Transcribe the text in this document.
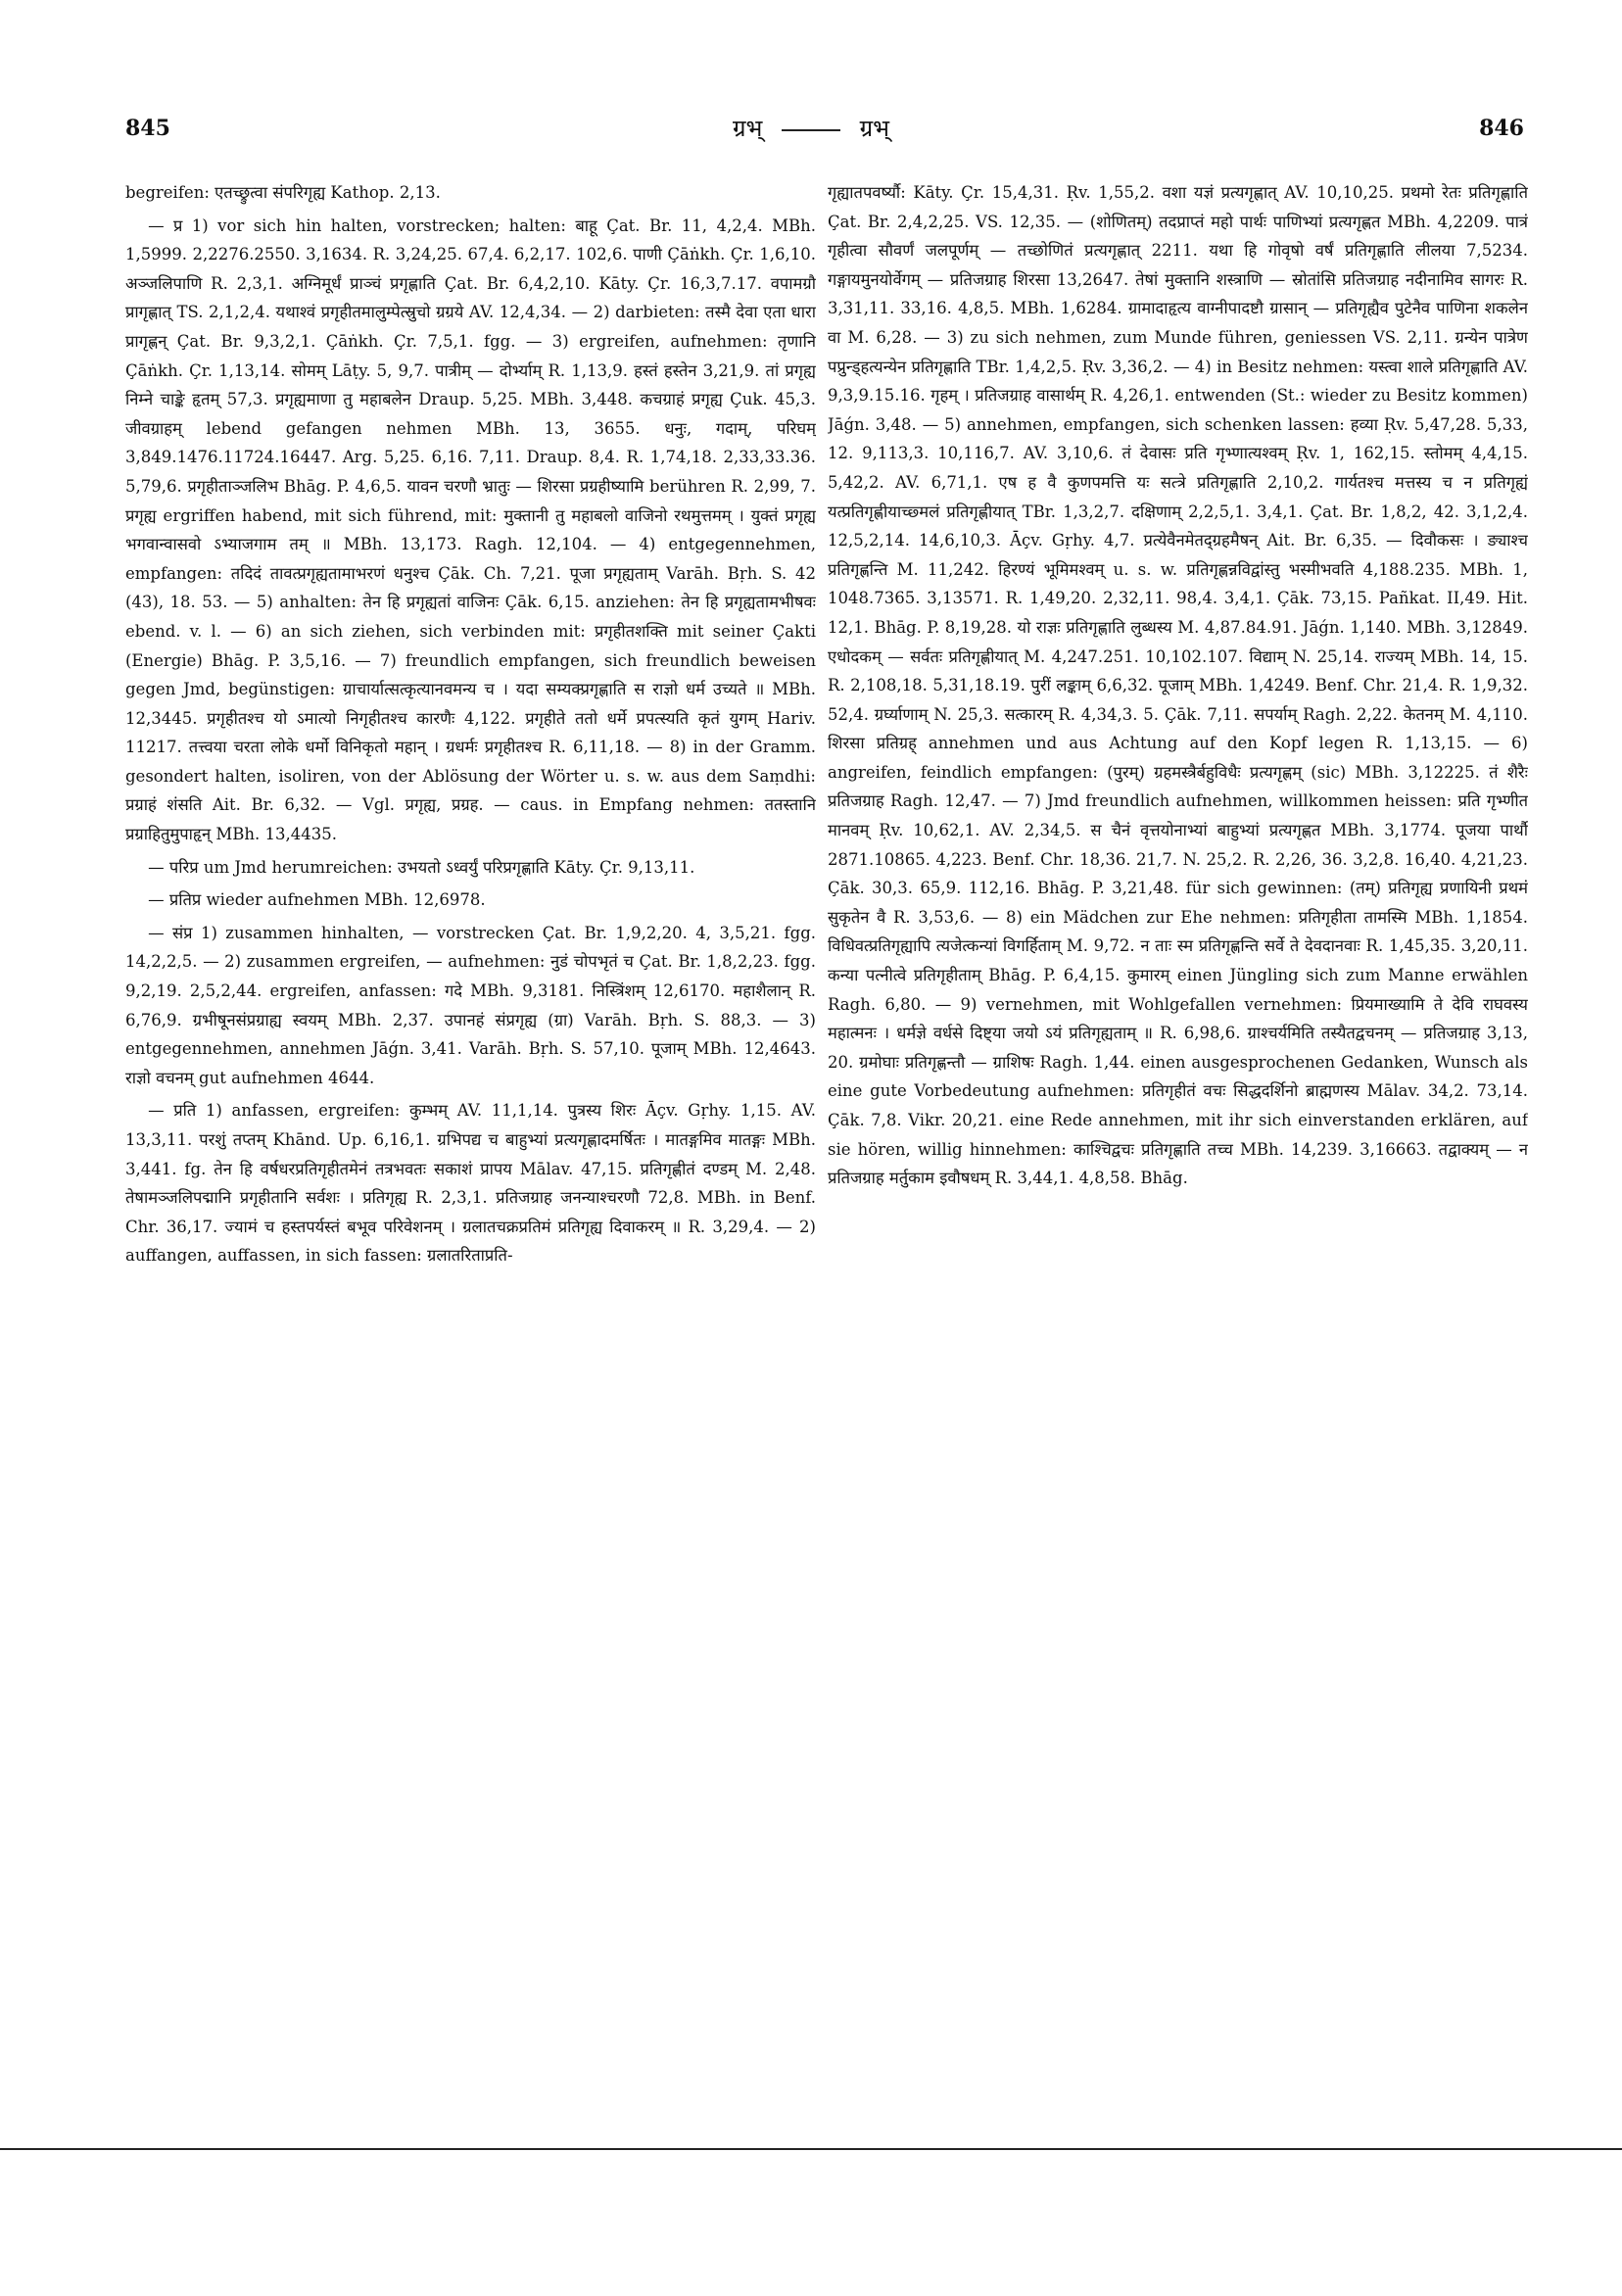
845	ग्रभ्	ग्रभ्	846

begreifen: एतच्छ्रुत्वा संपरिगृह्य Kathop. 2,13.

— प्र 1) vor sich hin halten, vorstrecken; halten: बाहू Çat. Br. 11, 4,2,4. MBh. 1,5999. 2,2276.2550. 3,1634. R. 3,24,25. 67,4. 6,2,17. 102,6. पाणी Çāṅkh. Çr. 1,6,10. अञ्जलिपाणि R. 2,3,1. अग्निमूर्धं प्राञ्चं प्रगृह्णाति Çat. Br. 6,4,2,10. Kāty. Çr. 16,3,7.17. वपामग्रौ प्रागृह्णात् TS. 2,1,2,4. यथाश्वं प्रगृहीतमालुम्पेत्स्रुचो ग्रग्रये AV. 12,4,34. — 2) darbieten: तस्मै देवा एता धारा प्रागृह्णन् Çat. Br. 9,3,2,1. Çāṅkh. Çr. 7,5,1. fgg. — 3) ergreifen, aufnehmen: तृणानि Çāṅkh. Çr. 1,13,14. सोमम् Lāṭy. 5, 9,7. पात्रीम् — दोर्भ्याम् R. 1,13,9. हस्तं हस्तेन 3,21,9. तां प्रगृह्य निम्ने चाङ्के हृतम् 57,3. प्रगृह्यमाणा तु महाबलेन Draup. 5,25. MBh. 3,448. कचग्राहं प्रगृह्य Çuk. 45,3. जीवग्राहम् lebend gefangen nehmen MBh. 13, 3655. धनुः, गदाम्, परिघम् 3,849.1476.11724.16447. Arg. 5,25. 6,16. 7,11. Draup. 8,4. R. 1,74,18. 2,33,33.36. 5,79,6. प्रगृहीताञ्जलिभ Bhāg. P. 4,6,5. यावन चरणौ भ्रातुः — शिरसा प्रग्रहीष्यामि berühren R. 2,99, 7. प्रगृह्य ergriffen habend, mit sich führend, mit: मुक्तानी तु महाबलो वाजिनो रथमुत्तमम् । युक्तं प्रगृह्य भगवान्वासवो ऽभ्याजगाम तम् ॥ MBh. 13,173. Ragh. 12,104. — 4) entgegennehmen, empfangen: तदिदं तावत्प्रगृह्यतामाभरणं धनुश्च Çāk. Ch. 7,21. पूजा प्रगृह्यताम् Varāh. Bṛh. S. 42 (43), 18. 53. — 5) anhalten: तेन हि प्रगृह्यतां वाजिनः Çāk. 6,15. anziehen: तेन हि प्रगृह्यतामभीषवः ebend. v. l. — 6) an sich ziehen, sich verbinden mit: प्रगृहीतशक्ति mit seiner Çakti (Energie) Bhāg. P. 3,5,16. — 7) freundlich empfangen, sich freundlich beweisen gegen Jmd, begünstigen: ग्राचार्यात्सत्कृत्यानवमन्य च । यदा सम्यक्प्रगृह्णाति स राज्ञो धर्म उच्यते ॥ MBh. 12,3445. प्रगृहीतश्च यो ऽमात्यो निगृहीतश्च कारणैः 4,122. प्रगृहीते ततो धर्मे प्रपत्स्यति कृतं युगम् Hariv. 11217. तत्त्वया चरता लोके धर्मो विनिकृतो महान् । ग्रधर्मः प्रगृहीतश्च R. 6,11,18. — 8) in der Gramm. gesondert halten, isoliren, von der Ablösung der Wörter u. s. w. aus dem Saṃdhi: प्रग्राहं शंसति Ait. Br. 6,32. — Vgl. प्रगृह्य, प्रग्रह. — caus. in Empfang nehmen: ततस्तानि प्रग्राहितुमुपाहृन् MBh. 13,4435.

— परिप्र um Jmd herumreichen: उभयतो ऽध्वर्युं परिप्रगृह्णाति Kāty. Çr. 9,13,11.

— प्रतिप्र wieder aufnehmen MBh. 12,6978.

— संप्र 1) zusammen hinhalten, — vorstrecken Çat. Br. 1,9,2,20. 4, 3,5,21. fgg. 14,2,2,5. — 2) zusammen ergreifen, — aufnehmen: नुडं चोपभृतं च Çat. Br. 1,8,2,23. fgg. 9,2,19. 2,5,2,44. ergreifen, anfassen: गदे MBh. 9,3181. निस्त्रिंशम् 12,6170. महाशैलान् R. 6,76,9. ग्रभीषूनसंप्रग्राह्य स्वयम् MBh. 2,37. उपानहं संप्रगृह्य (ग्रा) Varāh. Bṛh. S. 88,3. — 3) entgegennehmen, annehmen Jāǵn. 3,41. Varāh. Bṛh. S. 57,10. पूजाम् MBh. 12,4643. राज्ञो वचनम् gut aufnehmen 4644.

— प्रति 1) anfassen, ergreifen: कुम्भम् AV. 11,1,14. पुत्रस्य शिरः Āçv. Gṛhy. 1,15. AV. 13,3,11. परशुं तप्तम् Khānd. Up. 6,16,1. ग्रभिपद्य च बाहुभ्यां प्रत्यगृह्णादमर्षितः । मातङ्गमिव मातङ्गः MBh. 3,441. fg. तेन हि वर्षधरप्रतिगृहीतमेनं तत्रभवतः सकाशं प्रापय Mālav. 47,15. प्रतिगृह्णीतं दण्डम् M. 2,48. तेषामञ्जलिपद्मानि प्रगृहीतानि सर्वशः । प्रतिगृह्य R. 2,3,1. प्रतिजग्राह जनन्याश्चरणौ 72,8. MBh. in Benf. Chr. 36,17. ज्यामं च हस्तपर्यस्तं बभूव परिवेशनम् । ग्रलातचक्रप्रतिमं प्रतिगृह्य दिवाकरम् ॥ R. 3,29,4. — 2) auffangen, auffassen, in sich fassen: ग्रलातरिताप्रति-

गृह्यातपवर्ष्यौ: Kāty. Çr. 15,4,31. Ṛv. 1,55,2. वशा यज्ञं प्रत्यगृह्णात् AV. 10,10,25. प्रथमो रेतः प्रतिगृह्णाति Çat. Br. 2,4,2,25. VS. 12,35. — (शोणितम्) तदप्राप्तं महो पार्थः पाणिभ्यां प्रत्यगृह्णत MBh. 4,2209. पात्रं गृहीत्वा सौवर्णं जलपूर्णम् — तच्छोणितं प्रत्यगृह्णात् 2211. यथा हि गोवृषो वर्षं प्रतिगृह्णाति लीलया 7,5234. गङ्गायमुनयोर्वेगम् — प्रतिजग्राह शिरसा 13,2647. तेषां मुक्तानि शस्त्राणि — स्रोतांसि प्रतिजग्राह नदीनामिव सागरः R. 3,31,11. 33,16. 4,8,5. MBh. 1,6284. ग्रामादाहृत्य वाग्नीपादष्टौ ग्रासान् — प्रतिगृह्यैव पुटेनैव पाणिना शकलेन वा M. 6,28. — 3) zu sich nehmen, zum Munde führen, geniessen VS. 2,11. ग्रन्येन पात्रेण पप्रुन्ड्हत्यन्येन प्रतिगृह्णाति TBr. 1,4,2,5. Ṛv. 3,36,2. — 4) in Besitz nehmen: यस्त्वा शाले प्रतिगृह्णाति AV. 9,3,9.15.16. गृहम् । प्रतिजग्राह वासार्थम् R. 4,26,1. entwenden (St.: wieder zu Besitz kommen) Jāǵn. 3,48. — 5) annehmen, empfangen, sich schenken lassen: हव्या Ṛv. 5,47,28. 5,33, 12. 9,113,3. 10,116,7. AV. 3,10,6. तं देवासः प्रति गृभ्णात्यश्वम् Ṛv. 1, 162,15. स्तोमम् 4,4,15. 5,42,2. AV. 6,71,1. एष ह वै कुणपमत्ति यः सत्त्रे प्रतिगृह्णाति 2,10,2. गार्यतश्च मत्तस्य च न प्रतिगृह्यं यत्प्रतिगृह्णीयाच्छ्मलं प्रतिगृह्णीयात् TBr. 1,3,2,7. दक्षिणाम् 2,2,5,1. 3,4,1. Çat. Br. 1,8,2, 42. 3,1,2,4. 12,5,2,14. 14,6,10,3. Āçv. Gṛhy. 4,7. प्रत्येवैनमेतद्ग्रहमैषन् Ait. Br. 6,35. — दिवौकसः । ङ्याश्च प्रतिगृह्णन्ति M. 11,242. हिरण्यं भूमिमश्वम् u. s. w. प्रतिगृह्णन्नविद्वांस्तु भस्मीभवति 4,188.235. MBh. 1, 1048.7365. 3,13571. R. 1,49,20. 2,32,11. 98,4. 3,4,1. Çāk. 73,15. Pañkat. II,49. Hit. 12,1. Bhāg. P. 8,19,28. यो राज्ञः प्रतिगृह्णाति लुब्धस्य M. 4,87.84.91. Jāǵn. 1,140. MBh. 3,12849. एधोदकम् — सर्वतः प्रतिगृह्णीयात् M. 4,247.251. 10,102.107. विद्याम् N. 25,14. राज्यम् MBh. 14, 15. R. 2,108,18. 5,31,18.19. पुरीं लङ्काम् 6,6,32. पूजाम् MBh. 1,4249. Benf. Chr. 21,4. R. 1,9,32. 52,4. ग्रर्घ्याणाम् N. 25,3. सत्कारम् R. 4,34,3. 5. Çāk. 7,11. सपर्याम् Ragh. 2,22. केतनम् M. 4,110. शिरसा प्रतिग्रह् annehmen und aus Achtung auf den Kopf legen R. 1,13,15. — 6) angreifen, feindlich empfangen: (पुरम्) ग्रहमस्त्रैर्बहुविधैः प्रत्यगृह्णम् (sic) MBh. 3,12225. तं शैरैः प्रतिजग्राह Ragh. 12,47. — 7) Jmd freundlich aufnehmen, willkommen heissen: प्रति गृभ्णीत मानवम् Ṛv. 10,62,1. AV. 2,34,5. स चैनं वृत्तयोनाभ्यां बाहुभ्यां प्रत्यगृह्णत MBh. 3,1774. पूजया पार्थौ 2871.10865. 4,223. Benf. Chr. 18,36. 21,7. N. 25,2. R. 2,26, 36. 3,2,8. 16,40. 4,21,23. Çāk. 30,3. 65,9. 112,16. Bhāg. P. 3,21,48. für sich gewinnen: (तम्) प्रतिगृह्य प्रणायिनी प्रथमं सुकृतेन वै R. 3,53,6. — 8) ein Mädchen zur Ehe nehmen: प्रतिगृहीता तामस्मि MBh. 1,1854. विधिवत्प्रतिगृह्यापि त्यजेत्कन्यां विगर्हिताम् M. 9,72. न ताः स्म प्रतिगृह्णन्ति सर्वे ते देवदानवाः R. 1,45,35. 3,20,11. कन्या पत्नीत्वे प्रतिगृहीताम् Bhāg. P. 6,4,15. कुमारम् einen Jüngling sich zum Manne erwählen Ragh. 6,80. — 9) vernehmen, mit Wohlgefallen vernehmen: प्रियमाख्यामि ते देवि राघवस्य महात्मनः । धर्मज्ञे वर्धसे दिष्ट्या जयो ऽयं प्रतिगृह्यताम् ॥ R. 6,98,6. ग्राश्चर्यमिति तस्यैतद्वचनम् — प्रतिजग्राह 3,13, 20. ग्रमोघाः प्रतिगृह्णन्तौ — ग्राशिषः Ragh. 1,44. einen ausgesprochenen Gedanken, Wunsch als eine gute Vorbedeutung aufnehmen: प्रतिगृहीतं वचः सिद्धदर्शिनो ब्राह्मणस्य Mālav. 34,2. 73,14. Çāk. 7,8. Vikr. 20,21. eine Rede annehmen, mit ihr sich einverstanden erklären, auf sie hören, willig hinnehmen: काश्चिद्वचः प्रतिगृह्णाति तच्च MBh. 14,239. 3,16663. तद्वाक्यम् — न प्रतिजग्राह मर्तुकाम इवौषधम् R. 3,44,1. 4,8,58. Bhāg.
